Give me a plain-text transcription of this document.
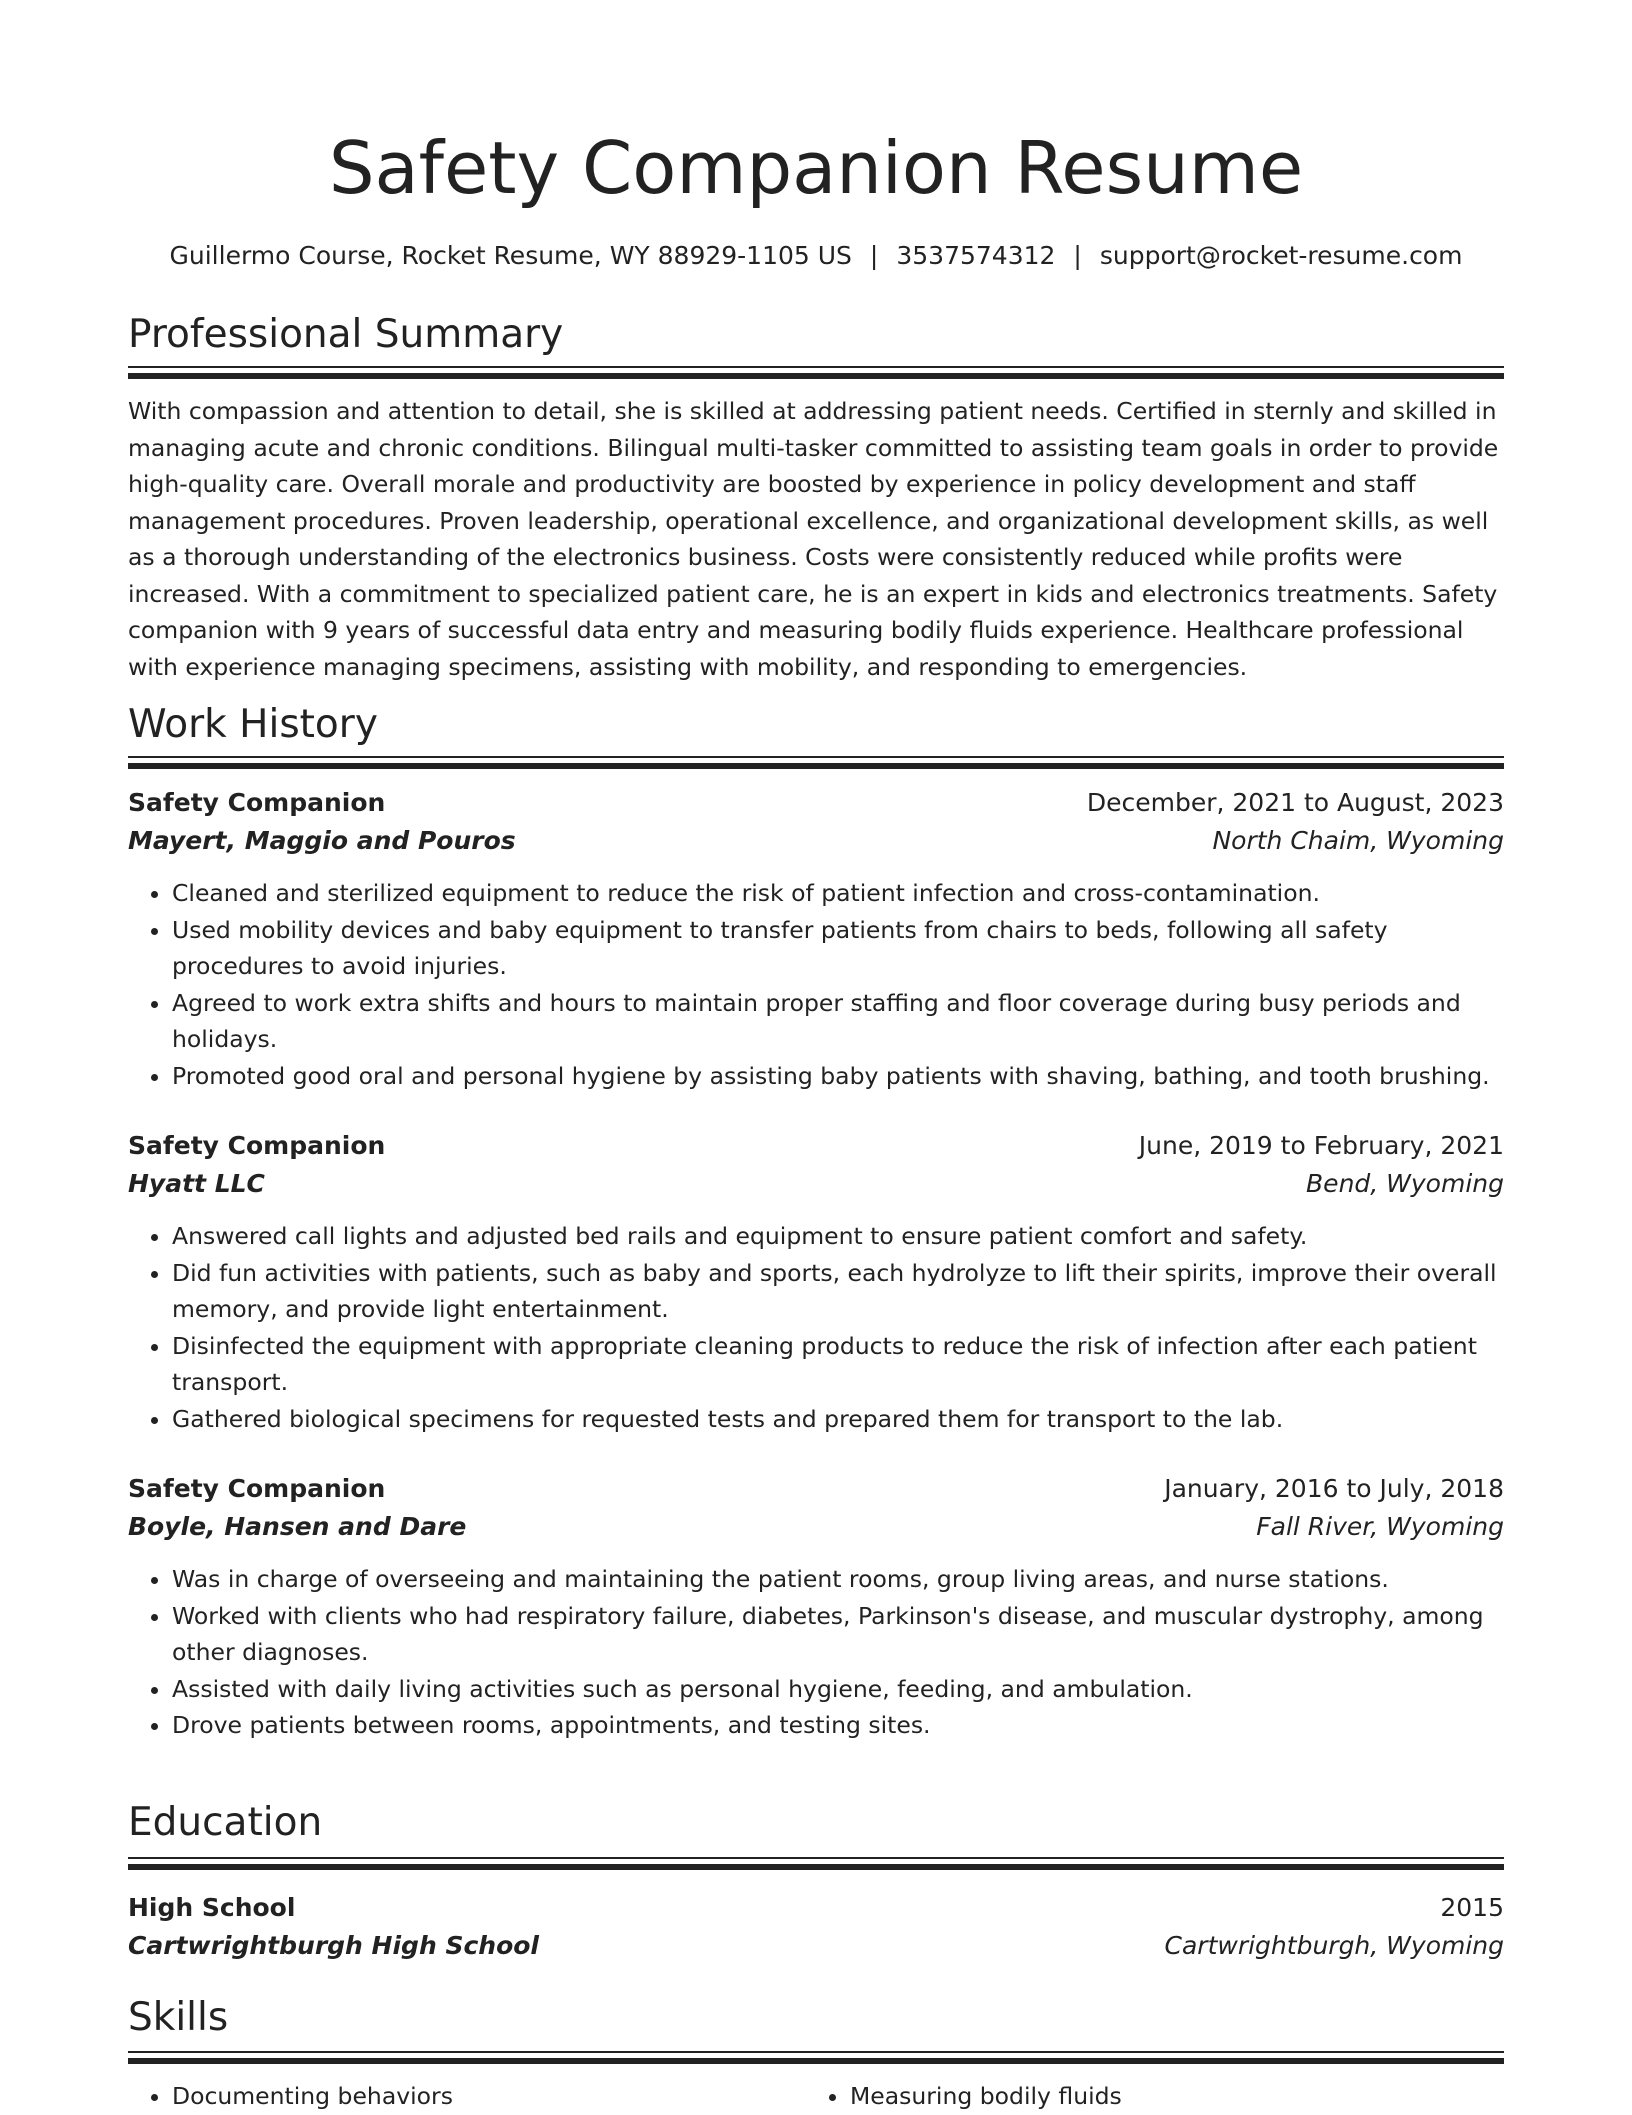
Safety Companion Resume
Guillermo Course, Rocket Resume, WY 88929-1105 US | 3537574312 | support@rocket-resume.com
Professional Summary

With compassion and attention to detail, she is skilled at addressing patient needs. Certified in sternly and skilled in managing acute and chronic conditions. Bilingual multi-tasker committed to assisting team goals in order to provide high-quality care. Overall morale and productivity are boosted by experience in policy development and staff management procedures. Proven leadership, operational excellence, and organizational development skills, as well as a thorough understanding of the electronics business. Costs were consistently reduced while profits were increased. With a commitment to specialized patient care, he is an expert in kids and electronics treatments. Safety companion with 9 years of successful data entry and measuring bodily fluids experience. Healthcare professional with experience managing specimens, assisting with mobility, and responding to emergencies.

Work History
Safety Companion	December, 2021 to August, 2023
Mayert, Maggio and Pouros	North Chaim, Wyoming
• Cleaned and sterilized equipment to reduce the risk of patient infection and cross-contamination.
• Used mobility devices and baby equipment to transfer patients from chairs to beds, following all safety procedures to avoid injuries.
• Agreed to work extra shifts and hours to maintain proper staffing and floor coverage during busy periods and holidays.
• Promoted good oral and personal hygiene by assisting baby patients with shaving, bathing, and tooth brushing.
Safety Companion	June, 2019 to February, 2021
Hyatt LLC	Bend, Wyoming
• Answered call lights and adjusted bed rails and equipment to ensure patient comfort and safety.
• Did fun activities with patients, such as baby and sports, each hydrolyze to lift their spirits, improve their overall memory, and provide light entertainment.
• Disinfected the equipment with appropriate cleaning products to reduce the risk of infection after each patient transport.
• Gathered biological specimens for requested tests and prepared them for transport to the lab.
Safety Companion	January, 2016 to July, 2018
Boyle, Hansen and Dare	Fall River, Wyoming
• Was in charge of overseeing and maintaining the patient rooms, group living areas, and nurse stations.
• Worked with clients who had respiratory failure, diabetes, Parkinson's disease, and muscular dystrophy, among other diagnoses.
• Assisted with daily living activities such as personal hygiene, feeding, and ambulation.
• Drove patients between rooms, appointments, and testing sites.
Education
High School	2015
Cartwrightburgh High School	Cartwrightburgh, Wyoming
Skills
• Documenting behaviors
•	Measuring bodily fluids
